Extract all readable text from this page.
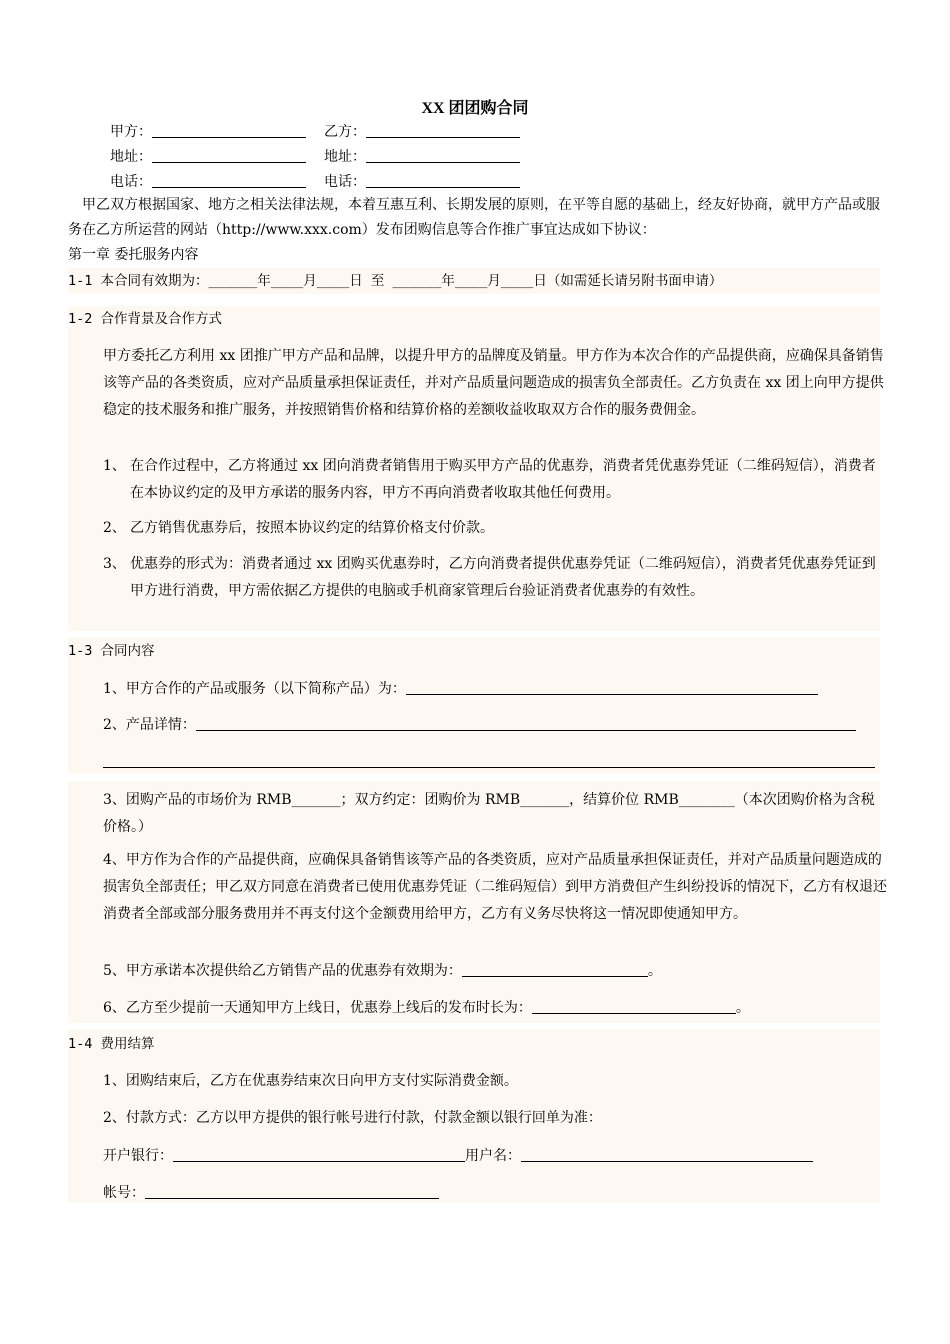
XX 团团购合同
甲方：	乙方：
地址：	地址：
电话：	电话：
甲乙双方根据国家、地方之相关法律法规，本着互惠互利、长期发展的原则，在平等自愿的基础上，经友好协商，就甲方产品或服务在乙方所运营的网站（http://www.xxx.com）发布团购信息等合作推广事宜达成如下协议：
第一章 委托服务内容
1-1 本合同有效期为：______年____月____日 至 ______年____月____日（如需延长请另附书面申请）
1-2 合作背景及合作方式
甲方委托乙方利用 xx 团推广甲方产品和品牌，以提升甲方的品牌度及销量。甲方作为本次合作的产品提供商，应确保具备销售该等产品的各类资质，应对产品质量承担保证责任，并对产品质量问题造成的损害负全部责任。乙方负责在 xx 团上向甲方提供稳定的技术服务和推广服务，并按照销售价格和结算价格的差额收益收取双方合作的服务费佣金。
1、 在合作过程中，乙方将通过 xx 团向消费者销售用于购买甲方产品的优惠券，消费者凭优惠券凭证（二维码短信），消费者在本协议约定的及甲方承诺的服务内容，甲方不再向消费者收取其他任何费用。
2、 乙方销售优惠券后，按照本协议约定的结算价格支付价款。
3、 优惠券的形式为：消费者通过 xx 团购买优惠券时，乙方向消费者提供优惠券凭证（二维码短信），消费者凭优惠券凭证到甲方进行消费，甲方需依据乙方提供的电脑或手机商家管理后台验证消费者优惠券的有效性。
1-3 合同内容
1、甲方合作的产品或服务（以下简称产品）为：
2、产品详情：
3、团购产品的市场价为 RMB_______；双方约定：团购价为 RMB_______，结算价位 RMB________（本次团购价格为含税价格。）
4、甲方作为合作的产品提供商，应确保具备销售该等产品的各类资质，应对产品质量承担保证责任，并对产品质量问题造成的损害负全部责任；甲乙双方同意在消费者已使用优惠券凭证（二维码短信）到甲方消费但产生纠纷投诉的情况下，乙方有权退还消费者全部或部分服务费用并不再支付这个金额费用给甲方，乙方有义务尽快将这一情况即使通知甲方。
5、甲方承诺本次提供给乙方销售产品的优惠券有效期为：	。
6、乙方至少提前一天通知甲方上线日，优惠券上线后的发布时长为：	。
1-4 费用结算
1、团购结束后，乙方在优惠券结束次日向甲方支付实际消费金额。
2、付款方式：乙方以甲方提供的银行帐号进行付款，付款金额以银行回单为准：
开户银行：	用户名：
帐号：
